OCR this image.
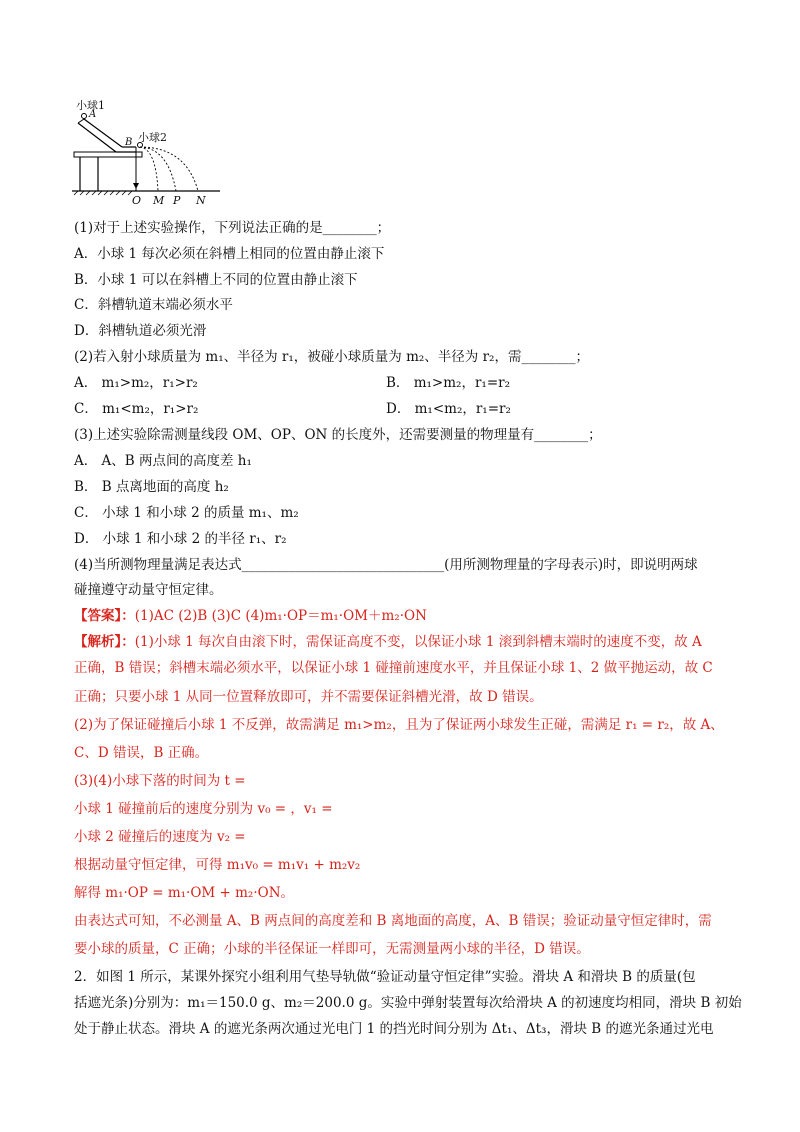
小球1
A
小球2
B
O M P N
(1)对于上述实验操作，下列说法正确的是________；
A．小球 1 每次必须在斜槽上相同的位置由静止滚下
B．小球 1 可以在斜槽上不同的位置由静止滚下
C．斜槽轨道末端必须水平
D．斜槽轨道必须光滑
(2)若入射小球质量为 m₁、半径为 r₁，被碰小球质量为 m₂、半径为 r₂，需________；
A． m₁>m₂，r₁>r₂	B． m₁>m₂，r₁=r₂
C． m₁<m₂，r₁>r₂	D． m₁<m₂，r₁=r₂
(3)上述实验除需测量线段 OM、OP、ON 的长度外，还需要测量的物理量有________；
A． A、B 两点间的高度差 h₁
B． B 点离地面的高度 h₂
C． 小球 1 和小球 2 的质量 m₁、m₂
D． 小球 1 和小球 2 的半径 r₁、r₂
(4)当所测物理量满足表达式______________________________(用所测物理量的字母表示)时，即说明两球
碰撞遵守动量守恒定律。
【答案】：(1)AC (2)B (3)C (4)m₁·OP＝m₁·OM＋m₂·ON
【解析】：(1)小球 1 每次自由滚下时，需保证高度不变，以保证小球 1 滚到斜槽末端时的速度不变，故 A
正确，B 错误；斜槽末端必须水平，以保证小球 1 碰撞前速度水平，并且保证小球 1、2 做平抛运动，故 C
正确；只要小球 1 从同一位置释放即可，并不需要保证斜槽光滑，故 D 错误。
(2)为了保证碰撞后小球 1 不反弹，故需满足 m₁>m₂，且为了保证两小球发生正碰，需满足 r₁ = r₂，故 A、
C、D 错误，B 正确。
(3)(4)小球下落的时间为 t =
小球 1 碰撞前后的速度分别为 v₀ = ，v₁ =
小球 2 碰撞后的速度为 v₂ =
根据动量守恒定律，可得 m₁v₀ = m₁v₁ + m₂v₂
解得 m₁·OP = m₁·OM + m₂·ON。
由表达式可知，不必测量 A、B 两点间的高度差和 B 离地面的高度，A、B 错误；验证动量守恒定律时，需
要小球的质量，C 正确；小球的半径保证一样即可，无需测量两小球的半径，D 错误。
2．如图 1 所示，某课外探究小组利用气垫导轨做“验证动量守恒定律”实验。滑块 A 和滑块 B 的质量(包
括遮光条)分别为：m₁＝150.0 g、m₂＝200.0 g。实验中弹射装置每次给滑块 A 的初速度均相同，滑块 B 初始
处于静止状态。滑块 A 的遮光条两次通过光电门 1 的挡光时间分别为 Δt₁、Δt₃，滑块 B 的遮光条通过光电
